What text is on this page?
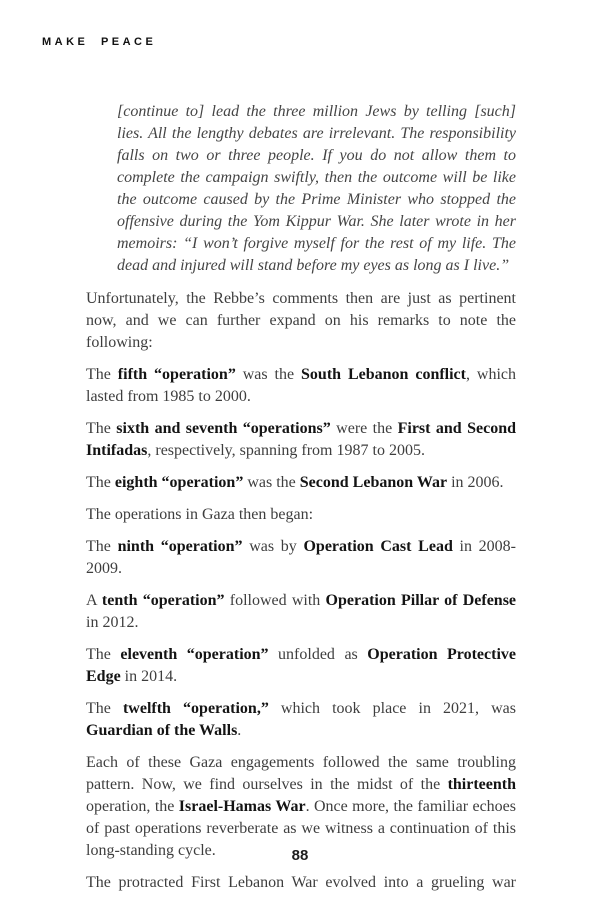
MAKE PEACE
[continue to] lead the three million Jews by telling [such] lies. All the lengthy debates are irrelevant. The responsibility falls on two or three people. If you do not allow them to complete the campaign swiftly, then the outcome will be like the outcome caused by the Prime Minister who stopped the offensive during the Yom Kippur War. She later wrote in her memoirs: “I won’t forgive myself for the rest of my life. The dead and injured will stand before my eyes as long as I live.”

Unfortunately, the Rebbe’s comments then are just as pertinent now, and we can further expand on his remarks to note the following:

The fifth “operation” was the South Lebanon conflict, which lasted from 1985 to 2000.

The sixth and seventh “operations” were the First and Second Intifadas, respectively, spanning from 1987 to 2005.

The eighth “operation” was the Second Lebanon War in 2006.

The operations in Gaza then began:

The ninth “operation” was by Operation Cast Lead in 2008-2009.

A tenth “operation” followed with Operation Pillar of Defense in 2012.

The eleventh “operation” unfolded as Operation Protective Edge in 2014.

The twelfth “operation,” which took place in 2021, was Guardian of the Walls.

Each of these Gaza engagements followed the same troubling pattern. Now, we find ourselves in the midst of the thirteenth operation, the Israel-Hamas War. Once more, the familiar echoes of past operations reverberate as we witness a continuation of this long-standing cycle.

The protracted First Lebanon War evolved into a grueling war

88
